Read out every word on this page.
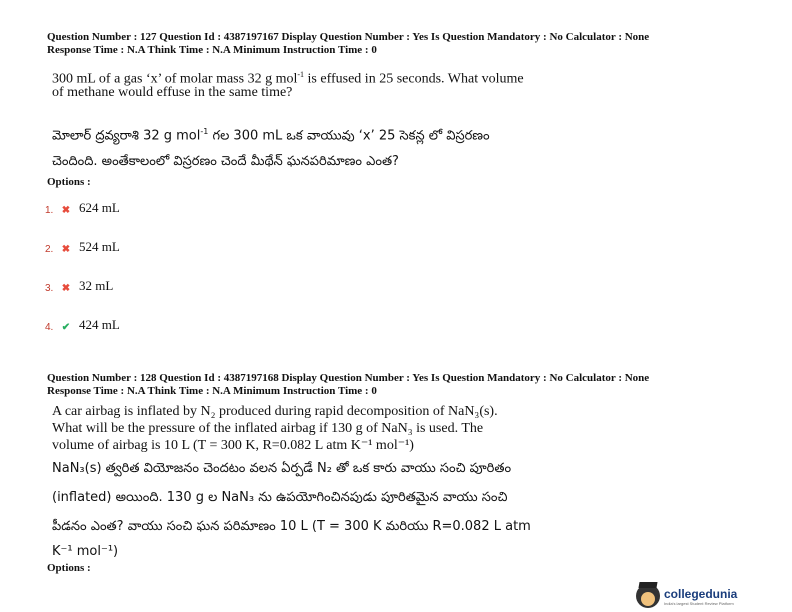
Question Number : 127 Question Id : 4387197167 Display Question Number : Yes Is Question Mandatory : No Calculator : None
Response Time : N.A Think Time : N.A Minimum Instruction Time : 0
300 mL of a gas ‘x’ of molar mass 32 g mol$^{-1}$ is effused in 25 seconds. What volume
of methane would effuse in the same time?
మోలార్ ద్రవ్యరాశి 32 g mol$^{-1}$ గల 300 mL ఒక వాయువు ‘x’ 25 సెకన్ల లో విస్రరణం
చెందింది. అంతేకాలంలో విస్రరణం చెందే మీథేన్ ఘనపరిమాణం ఎంత?
Options :
1. ✖ 624 mL
2. ✖ 524 mL
3. ✖ 32 mL
4. ✔ 424 mL
Question Number : 128 Question Id : 4387197168 Display Question Number : Yes Is Question Mandatory : No Calculator : None
Response Time : N.A Think Time : N.A Minimum Instruction Time : 0
A car airbag is inflated by N₂ produced during rapid decomposition of NaN₃(s).
What will be the pressure of the inflated airbag if 130 g of NaN₃ is used. The
volume of airbag is 10 L (T = 300 K, R=0.082 L atm K⁻¹ mol⁻¹)
NaN₃(s) త్వరిత వియోజనం చెందటం వలన ఏర్పడే N₂ తో ఒక కారు వాయు సంచి పూరితం
(inflated) అయింది. 130 g ల NaN₃ ను ఉపయోగించినపుడు పూరితమైన వాయు సంచి
పీడనం ఎంత? వాయు సంచి ఘన పరిమాణం 10 L (T = 300 K మరియు R=0.082 L atm
K⁻¹ mol⁻¹)
Options :
collegedunia
India's largest Student Review Platform
